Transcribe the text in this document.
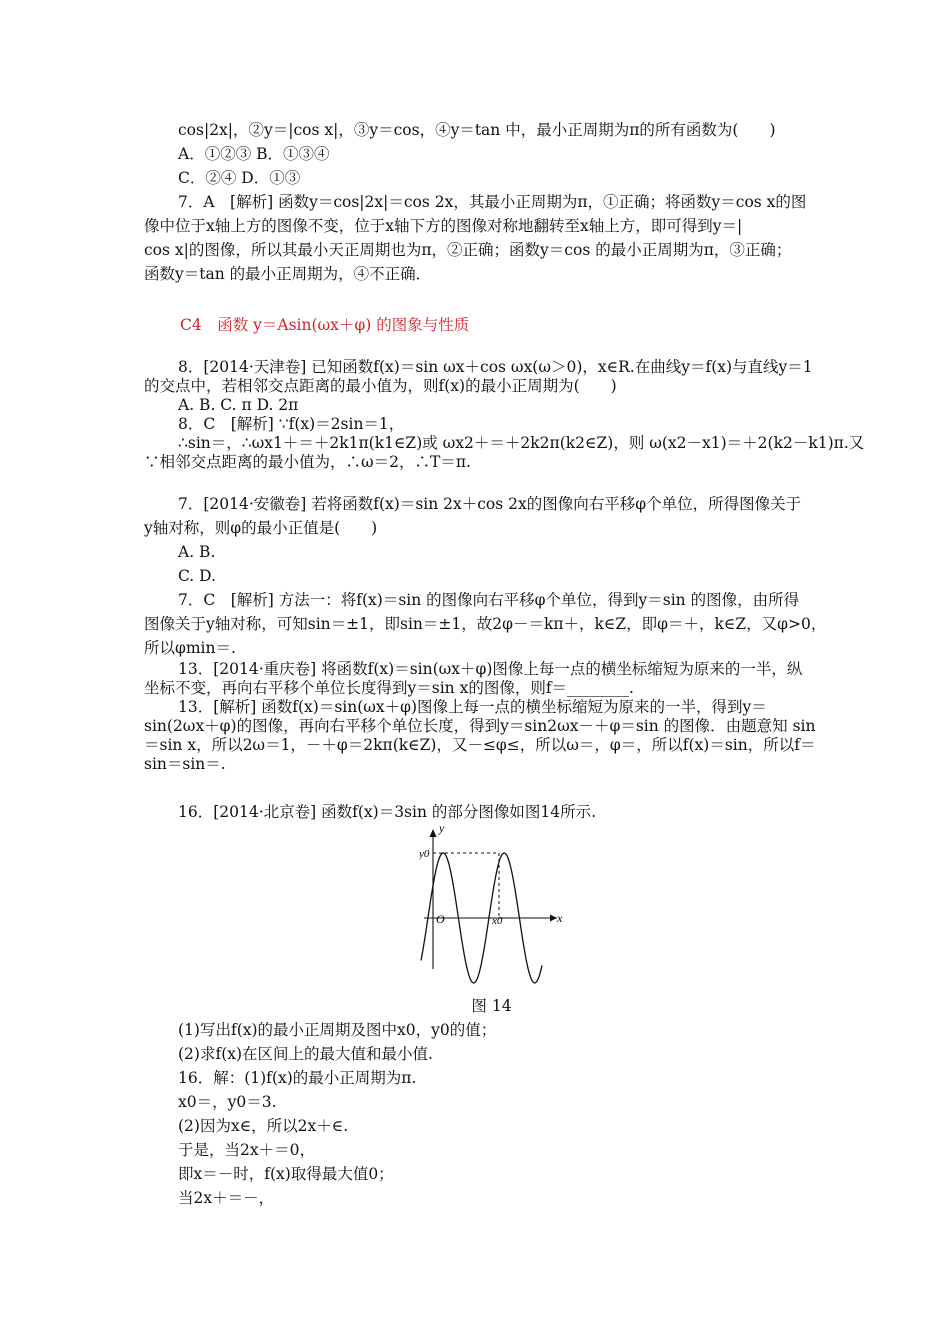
cos|2x|，②y＝|cos x|，③y＝cos，④y＝tan 中，最小正周期为π的所有函数为(　　)
A．①②③ B．①③④
C．②④ D．①③
7．A　[解析] 函数y＝cos|2x|＝cos 2x，其最小正周期为π，①正确；将函数y＝cos x的图
像中位于x轴上方的图像不变，位于x轴下方的图像对称地翻转至x轴上方，即可得到y＝|
cos x|的图像，所以其最小天正周期也为π，②正确；函数y＝cos 的最小正周期为π，③正确；
函数y＝tan 的最小正周期为，④不正确．
C4　函数 y＝Asin(ωx＋φ) 的图象与性质
8．[2014·天津卷] 已知函数f(x)＝sin ωx＋cos ωx(ω＞0)，x∈R.在曲线y＝f(x)与直线y＝1
的交点中，若相邻交点距离的最小值为，则f(x)的最小正周期为(　　)
A. B. C. π D. 2π
8．C　[解析] ∵f(x)＝2sin＝1，
∴sin＝，∴ωx1＋＝＋2k1π(k1∈Z)或 ωx2＋＝＋2k2π(k2∈Z)，则 ω(x2－x1)＝＋2(k2－k1)π.又
∵相邻交点距离的最小值为，∴ω＝2，∴T＝π.
7．[2014·安徽卷] 若将函数f(x)＝sin 2x＋cos 2x的图像向右平移φ个单位，所得图像关于
y轴对称，则φ的最小正值是(　　)
A. B.
C. D.
7．C　[解析] 方法一：将f(x)＝sin 的图像向右平移φ个单位，得到y＝sin 的图像，由所得
图像关于y轴对称，可知sin＝±1，即sin＝±1，故2φ－＝kπ＋，k∈Z，即φ＝＋，k∈Z，又φ>0，
所以φmin＝.
13．[2014·重庆卷] 将函数f(x)＝sin(ωx＋φ)图像上每一点的横坐标缩短为原来的一半，纵
坐标不变，再向右平移个单位长度得到y＝sin x的图像，则f＝________.
13．[解析] 函数f(x)＝sin(ωx＋φ)图像上每一点的横坐标缩短为原来的一半，得到y＝
sin(2ωx＋φ)的图像，再向右平移个单位长度，得到y＝sin2ωx－＋φ＝sin 的图像．由题意知 sin
＝sin x，所以2ω＝1，－＋φ＝2kπ(k∈Z)，又－≤φ≤，所以ω＝，φ＝，所以f(x)＝sin，所以f＝
sin＝sin＝.
16．[2014·北京卷] 函数f(x)＝3sin 的部分图像如图14所示.
y
x
O
y0
x0
图 14
(1)写出f(x)的最小正周期及图中x0，y0的值；
(2)求f(x)在区间上的最大值和最小值.
16．解：(1)f(x)的最小正周期为π.
x0＝，y0＝3.
(2)因为x∈，所以2x＋∈.
于是，当2x＋＝0，
即x＝－时，f(x)取得最大值0；
当2x＋＝－，
